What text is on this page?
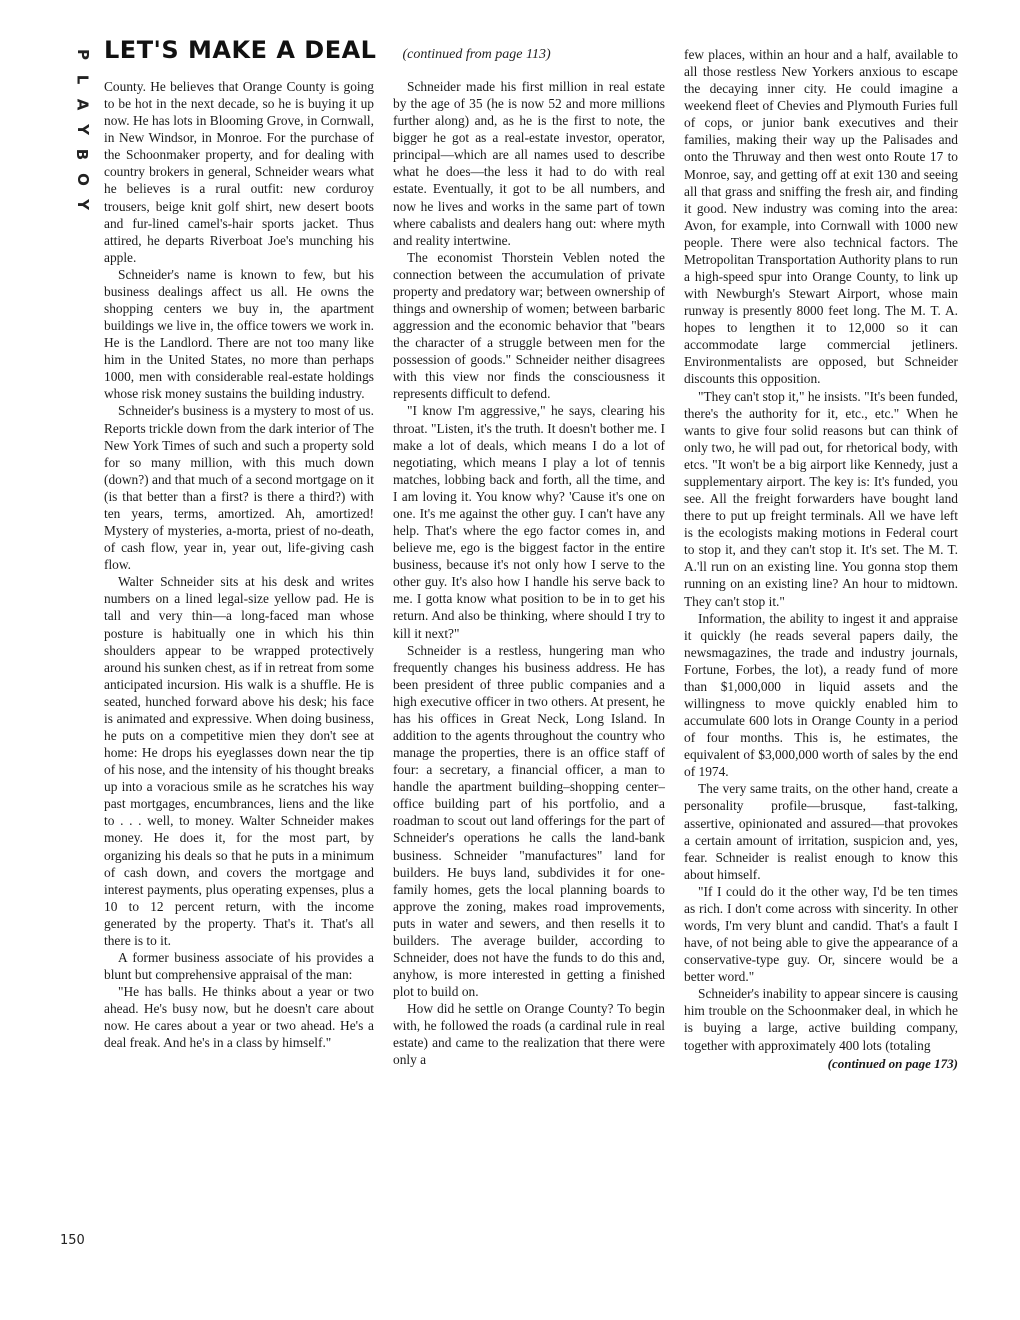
P
L
A
Y
B
O
Y
LET'S MAKE A DEAL (continued from page 113)

County. He believes that Orange County is going to be hot in the next decade, so he is buying it up now. He has lots in Blooming Grove, in Cornwall, in New Windsor, in Monroe. For the purchase of the Schoonmaker property, and for dealing with country brokers in general, Schneider wears what he believes is a rural outfit: new corduroy trousers, beige knit golf shirt, new desert boots and fur-lined camel's-hair sports jacket. Thus attired, he departs Riverboat Joe's munching his apple.

Schneider's name is known to few, but his business dealings affect us all. He owns the shopping centers we buy in, the apartment buildings we live in, the office towers we work in. He is the Landlord. There are not too many like him in the United States, no more than perhaps 1000, men with considerable real-estate holdings whose risk money sustains the building industry.

Schneider's business is a mystery to most of us. Reports trickle down from the dark interior of The New York Times of such and such a property sold for so many million, with this much down (down?) and that much of a second mortgage on it (is that better than a first? is there a third?) with ten years, terms, amortized. Ah, amortized! Mystery of mysteries, a-morta, priest of no-death, of cash flow, year in, year out, life-giving cash flow.

Walter Schneider sits at his desk and writes numbers on a lined legal-size yellow pad. He is tall and very thin—a long-faced man whose posture is habitually one in which his thin shoulders appear to be wrapped protectively around his sunken chest, as if in retreat from some anticipated incursion. His walk is a shuffle. He is seated, hunched forward above his desk; his face is animated and expressive. When doing business, he puts on a competitive mien they don't see at home: He drops his eyeglasses down near the tip of his nose, and the intensity of his thought breaks up into a voracious smile as he scratches his way past mortgages, encumbrances, liens and the like to . . . well, to money. Walter Schneider makes money. He does it, for the most part, by organizing his deals so that he puts in a minimum of cash down, and covers the mortgage and interest payments, plus operating expenses, plus a 10 to 12 percent return, with the income generated by the property. That's it. That's all there is to it.

A former business associate of his provides a blunt but comprehensive appraisal of the man:

"He has balls. He thinks about a year or two ahead. He's busy now, but he doesn't care about now. He cares about a year or two ahead. He's a deal freak. And he's in a class by himself."

Schneider made his first million in real estate by the age of 35 (he is now 52 and more millions further along) and, as he is the first to note, the bigger he got as a real-estate investor, operator, principal—which are all names used to describe what he does—the less it had to do with real estate. Eventually, it got to be all numbers, and now he lives and works in the same part of town where cabalists and dealers hang out: where myth and reality intertwine.

The economist Thorstein Veblen noted the connection between the accumulation of private property and predatory war; between ownership of things and ownership of women; between barbaric aggression and the economic behavior that "bears the character of a struggle between men for the possession of goods." Schneider neither disagrees with this view nor finds the consciousness it represents difficult to defend.

"I know I'm aggressive," he says, clearing his throat. "Listen, it's the truth. It doesn't bother me. I make a lot of deals, which means I do a lot of negotiating, which means I play a lot of tennis matches, lobbing back and forth, all the time, and I am loving it. You know why? 'Cause it's one on one. It's me against the other guy. I can't have any help. That's where the ego factor comes in, and believe me, ego is the biggest factor in the entire business, because it's not only how I serve to the other guy. It's also how I handle his serve back to me. I gotta know what position to be in to get his return. And also be thinking, where should I try to kill it next?"

Schneider is a restless, hungering man who frequently changes his business address. He has been president of three public companies and a high executive officer in two others. At present, he has his offices in Great Neck, Long Island. In addition to the agents throughout the country who manage the properties, there is an office staff of four: a secretary, a financial officer, a man to handle the apartment building–shopping center–office building part of his portfolio, and a roadman to scout out land offerings for the part of Schneider's operations he calls the land-bank business. Schneider "manufactures" land for builders. He buys land, subdivides it for one-family homes, gets the local planning boards to approve the zoning, makes road improvements, puts in water and sewers, and then resells it to builders. The average builder, according to Schneider, does not have the funds to do this and, anyhow, is more interested in getting a finished plot to build on.

How did he settle on Orange County? To begin with, he followed the roads (a cardinal rule in real estate) and came to the realization that there were only a

few places, within an hour and a half, available to all those restless New Yorkers anxious to escape the decaying inner city. He could imagine a weekend fleet of Chevies and Plymouth Furies full of cops, or junior bank executives and their families, making their way up the Palisades and onto the Thruway and then west onto Route 17 to Monroe, say, and getting off at exit 130 and seeing all that grass and sniffing the fresh air, and finding it good. New industry was coming into the area: Avon, for example, into Cornwall with 1000 new people. There were also technical factors. The Metropolitan Transportation Authority plans to run a high-speed spur into Orange County, to link up with Newburgh's Stewart Airport, whose main runway is presently 8000 feet long. The M. T. A. hopes to lengthen it to 12,000 so it can accommodate large commercial jetliners. Environmentalists are opposed, but Schneider discounts this opposition.

"They can't stop it," he insists. "It's been funded, there's the authority for it, etc., etc." When he wants to give four solid reasons but can think of only two, he will pad out, for rhetorical body, with etcs. "It won't be a big airport like Kennedy, just a supplementary airport. The key is: It's funded, you see. All the freight forwarders have bought land there to put up freight terminals. All we have left is the ecologists making motions in Federal court to stop it, and they can't stop it. It's set. The M. T. A.'ll run on an existing line. You gonna stop them running on an existing line? An hour to midtown. They can't stop it."

Information, the ability to ingest it and appraise it quickly (he reads several papers daily, the newsmagazines, the trade and industry journals, Fortune, Forbes, the lot), a ready fund of more than $1,000,000 in liquid assets and the willingness to move quickly enabled him to accumulate 600 lots in Orange County in a period of four months. This is, he estimates, the equivalent of $3,000,000 worth of sales by the end of 1974.

The very same traits, on the other hand, create a personality profile—brusque, fast-talking, assertive, opinionated and assured—that provokes a certain amount of irritation, suspicion and, yes, fear. Schneider is realist enough to know this about himself.

"If I could do it the other way, I'd be ten times as rich. I don't come across with sincerity. In other words, I'm very blunt and candid. That's a fault I have, of not being able to give the appearance of a conservative-type guy. Or, sincere would be a better word."

Schneider's inability to appear sincere is causing him trouble on the Schoonmaker deal, in which he is buying a large, active building company, together with approximately 400 lots (totaling

(continued on page 173)
150
